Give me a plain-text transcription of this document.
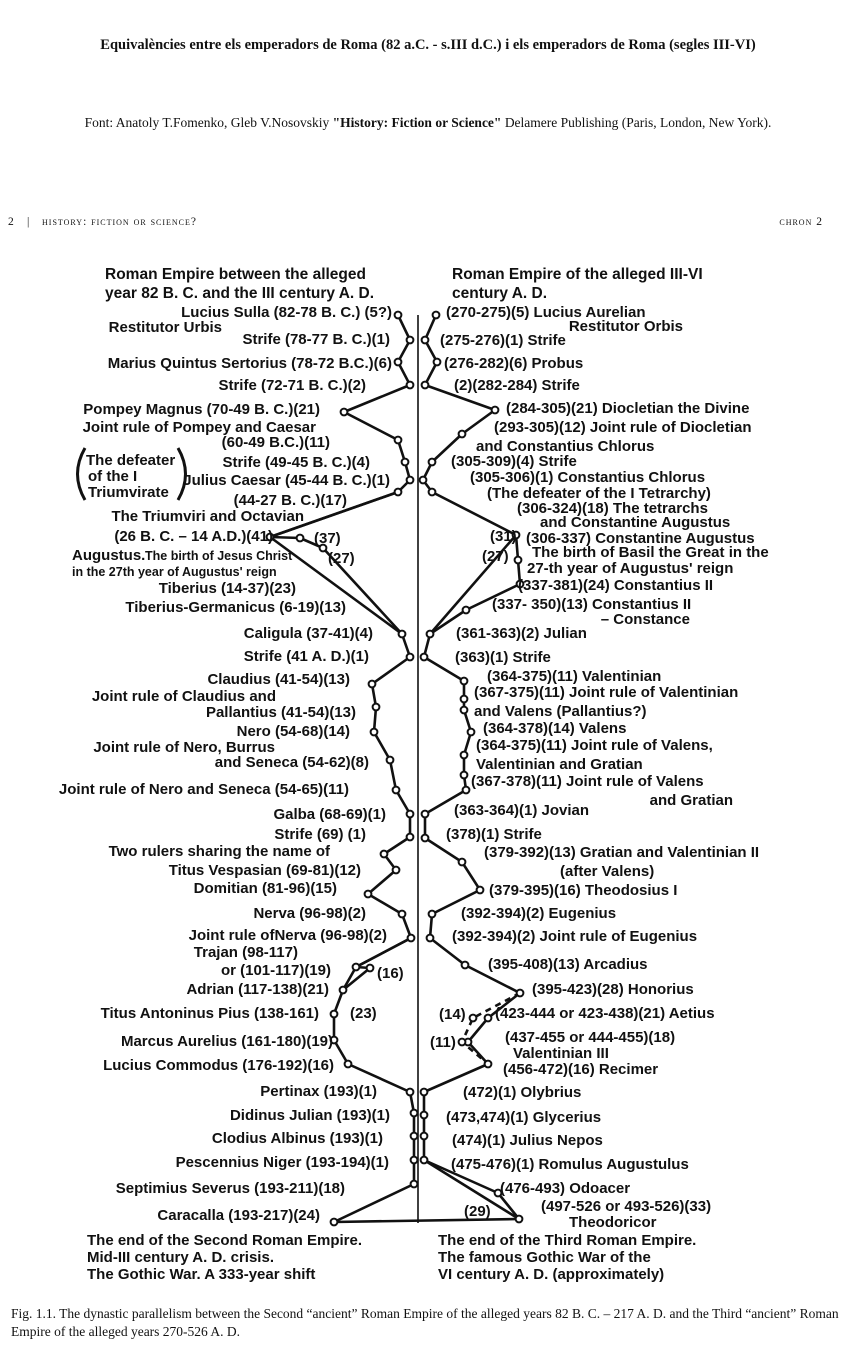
Equivalències entre els emperadors de Roma (82 a.C. - s.III d.C.) i els emperadors de Roma (segles III-VI)
Font: Anatoly T.Fomenko, Gleb V.Nosovskiy "History: Fiction or Science" Delamere Publishing (Paris, London, New York).
2 | history: fiction or science?	chron 2
Roman Empire between the alleged
year 82 B. C. and the III century A. D.
Roman Empire of the alleged III-VI
century A. D.
Lucius Sulla (82-78 B. C.) (5?)
Restitutor Urbis
Strife (78-77 B. C.)(1)
Marius Quintus Sertorius (78-72 B.C.)(6)
Strife (72-71 B. C.)(2)
Pompey Magnus (70-49 B. C.)(21)
Joint rule of Pompey and Caesar
(60-49 B.C.)(11)
Strife (49-45 B. C.)(4)
Julius Caesar (45-44 B. C.)(1)
(44-27 B. C.)(17)
The Triumviri and Octavian
(26 B. C. – 14 A.D.)(41)
Augustus. The birth of Jesus Christ
in the 27th year of Augustus' reign
(37)
(27)
Tiberius (14-37)(23)
Tiberius-Germanicus (6-19)(13)
Caligula (37-41)(4)
Strife (41 A. D.)(1)
Claudius (41-54)(13)
Joint rule of Claudius and
Pallantius (41-54)(13)
Nero (54-68)(14)
Joint rule of Nero, Burrus
and Seneca (54-62)(8)
Joint rule of Nero and Seneca (54-65)(11)
Galba (68-69)(1)
Strife (69) (1)
Two rulers sharing the name of
Titus Vespasian (69-81)(12)
Domitian (81-96)(15)
Nerva (96-98)(2)
Joint rule ofNerva (96-98)(2)
Trajan (98-117)
or (101-117)(19)	(16)
Adrian (117-138)(21)
Titus Antoninus Pius (138-161) (23)
Marcus Aurelius (161-180)(19)
Lucius Commodus (176-192)(16)
Pertinax (193)(1)
Didinus Julian (193)(1)
Clodius Albinus (193)(1)
Pescennius Niger (193-194)(1)
Septimius Severus (193-211)(18)
Caracalla (193-217)(24)
The defeater
of the I
Triumvirate
(270-275)(5) Lucius Aurelian
Restitutor Orbis
(275-276)(1) Strife
(276-282)(6) Probus
(2)(282-284) Strife
(284-305)(21) Diocletian the Divine
(293-305)(12) Joint rule of Diocletian
and Constantius Chlorus
(305-309)(4) Strife
(305-306)(1) Constantius Chlorus
(The defeater of the I Tetrarchy)
(306-324)(18) The tetrarchs
and Constantine Augustus
(31) (306-337) Constantine Augustus
(27) The birth of Basil the Great in the
27-th year of Augustus' reign
(337-381)(24) Constantius II
(337- 350)(13) Constantius II
– Constance
(361-363)(2) Julian
(363)(1) Strife
(364-375)(11) Valentinian
(367-375)(11) Joint rule of Valentinian
and Valens (Pallantius?)
(364-378)(14) Valens
(364-375)(11) Joint rule of Valens,
Valentinian and Gratian
(367-378)(11) Joint rule of Valens
and Gratian
(363-364)(1) Jovian
(378)(1) Strife
(379-392)(13) Gratian and Valentinian II
(after Valens)
(379-395)(16) Theodosius I
(392-394)(2) Eugenius
(392-394)(2) Joint rule of Eugenius
(395-408)(13) Arcadius
(395-423)(28) Honorius
(14) (423-444 or 423-438)(21) Aetius
(11)	(437-455 or 444-455)(18)
Valentinian III
(456-472)(16) Recimer
(472)(1) Olybrius
(473,474)(1) Glycerius
(474)(1) Julius Nepos
(475-476)(1) Romulus Augustulus
(476-493) Odoacer
(29)	(497-526 or 493-526)(33)
Theodoricor
The end of the Second Roman Empire.
Mid-III century A. D. crisis.
The Gothic War. A 333-year shift
The end of the Third Roman Empire.
The famous Gothic War of the
VI century A. D. (approximately)
Fig. 1.1. The dynastic parallelism between the Second “ancient” Roman Empire of the alleged years 82 B. C. – 217 A. D. and the Third “ancient” Roman Empire of the alleged years 270-526 A. D.
